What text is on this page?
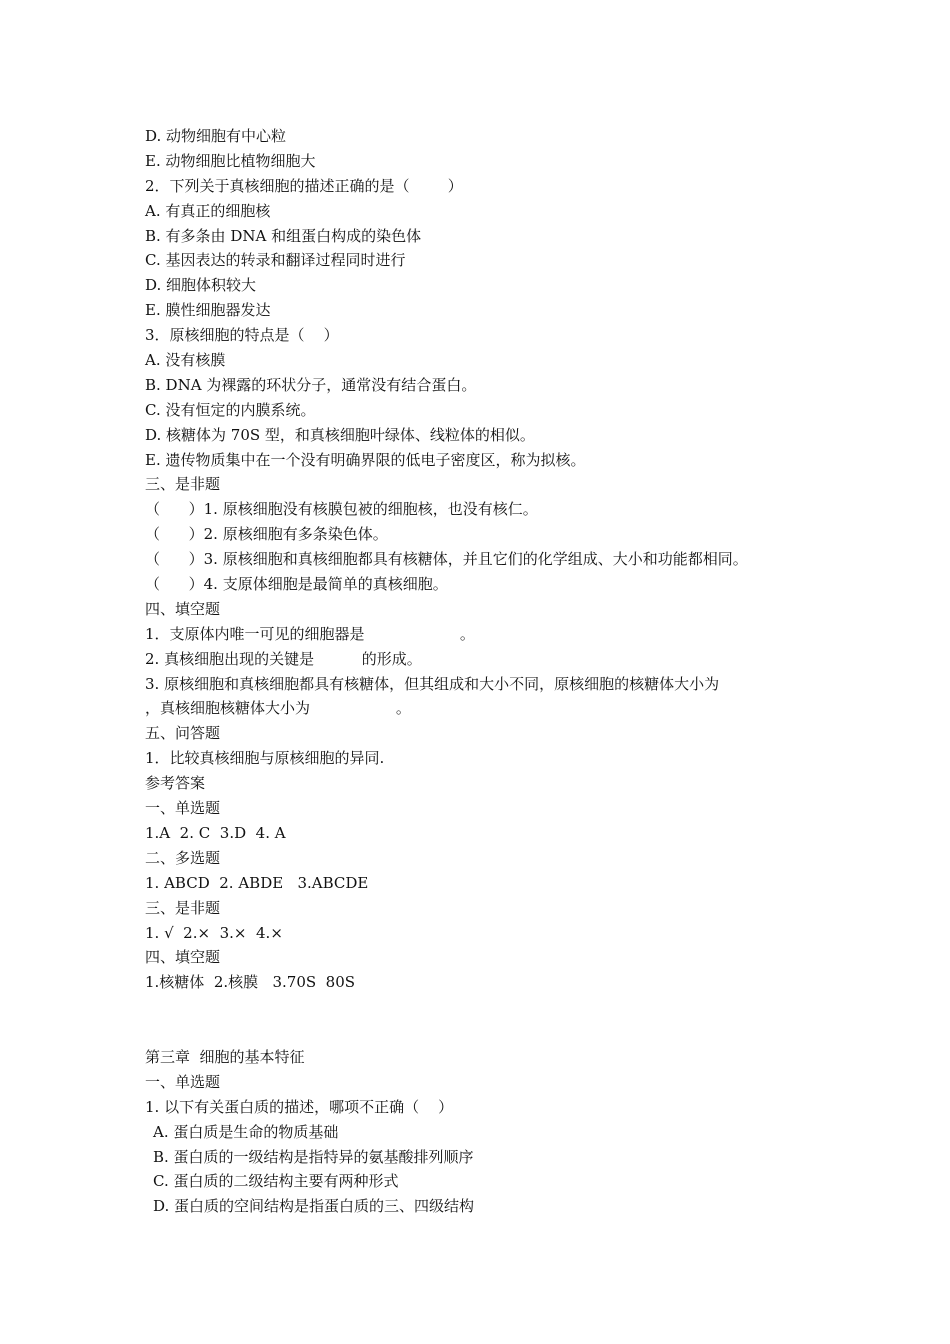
D. 动物细胞有中心粒
E. 动物细胞比植物细胞大
2．下列关于真核细胞的描述正确的是（        ）
A. 有真正的细胞核
B. 有多条由 DNA 和组蛋白构成的染色体
C. 基因表达的转录和翻译过程同时进行
D. 细胞体积较大
E. 膜性细胞器发达
3．原核细胞的特点是（    ）
A. 没有核膜
B. DNA 为裸露的环状分子，通常没有结合蛋白。
C. 没有恒定的内膜系统。
D. 核糖体为 70S 型，和真核细胞叶绿体、线粒体的相似。
E. 遗传物质集中在一个没有明确界限的低电子密度区，称为拟核。
三、是非题
（      ）1. 原核细胞没有核膜包被的细胞核，也没有核仁。
（      ）2. 原核细胞有多条染色体。
（      ）3. 原核细胞和真核细胞都具有核糖体，并且它们的化学组成、大小和功能都相同。
（      ）4. 支原体细胞是最简单的真核细胞。
四、填空题
1．支原体内唯一可见的细胞器是                    。
2. 真核细胞出现的关键是          的形成。
3. 原核细胞和真核细胞都具有核糖体，但其组成和大小不同，原核细胞的核糖体大小为
，真核细胞核糖体大小为                  。
五、问答题
1．比较真核细胞与原核细胞的异同.
参考答案
一、单选题
1.A  2. C  3.D  4. A
二、多选题
1. ABCD  2. ABDE   3.ABCDE
三、是非题
1. √  2.×  3.×  4.×
四、填空题
1.核糖体  2.核膜   3.70S  80S
第三章  细胞的基本特征
一、单选题
1. 以下有关蛋白质的描述，哪项不正确（    ）
A. 蛋白质是生命的物质基础
B. 蛋白质的一级结构是指特异的氨基酸排列顺序
C. 蛋白质的二级结构主要有两种形式
D. 蛋白质的空间结构是指蛋白质的三、四级结构
